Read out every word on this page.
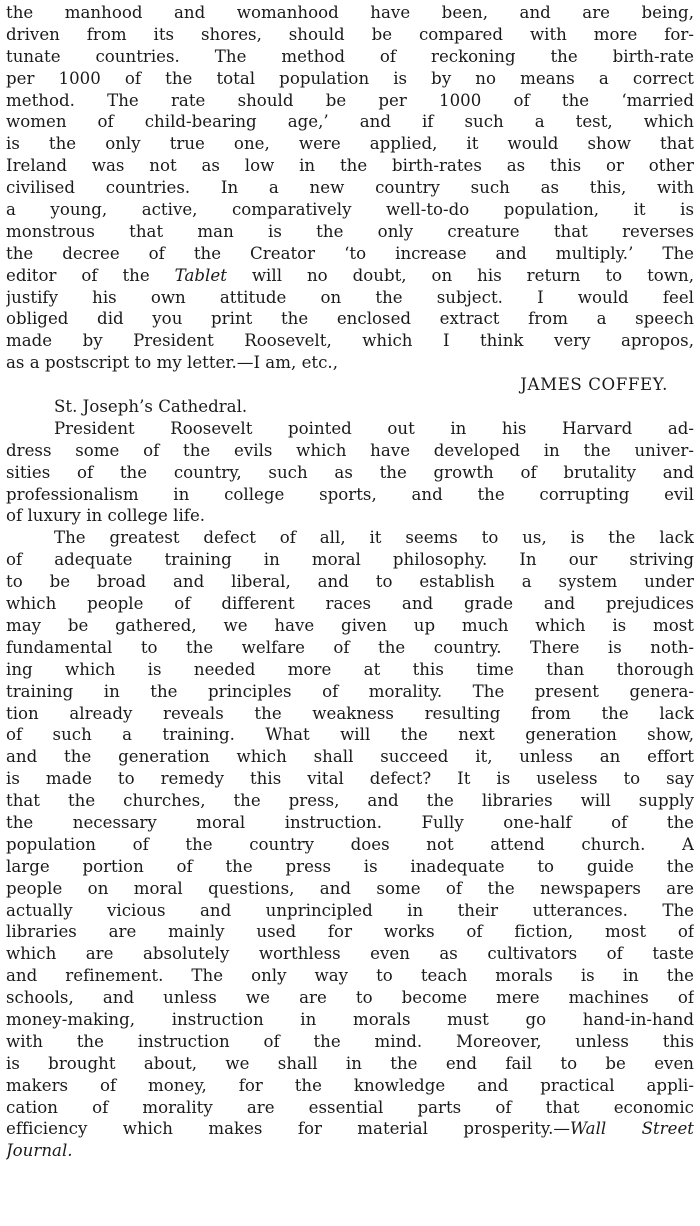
the manhood and womanhood have been, and are being,
driven from its shores, should be compared with more for-
tunate countries. The method of reckoning the birth-rate
per 1000 of the total population is by no means a correct
method. The rate should be per 1000 of the ‘married
women of child-bearing age,’ and if such a test, which
is the only true one, were applied, it would show that
Ireland was not as low in the birth-rates as this or other
civilised countries. In a new country such as this, with
a young, active, comparatively well-to-do population, it is
monstrous that man is the only creature that reverses
the decree of the Creator ‘to increase and multiply.’ The
editor of the Tablet will no doubt, on his return to town,
justify his own attitude on the subject. I would feel
obliged did you print the enclosed extract from a speech
made by President Roosevelt, which I think very apropos,
as a postscript to my letter.—I am, etc.,
JAMES COFFEY.
St. Joseph’s Cathedral.
President Roosevelt pointed out in his Harvard ad-
dress some of the evils which have developed in the univer-
sities of the country, such as the growth of brutality and
professionalism in college sports, and the corrupting evil
of luxury in college life.
The greatest defect of all, it seems to us, is the lack
of adequate training in moral philosophy. In our striving
to be broad and liberal, and to establish a system under
which people of different races and grade and prejudices
may be gathered, we have given up much which is most
fundamental to the welfare of the country. There is noth-
ing which is needed more at this time than thorough
training in the principles of morality. The present genera-
tion already reveals the weakness resulting from the lack
of such a training. What will the next generation show,
and the generation which shall succeed it, unless an effort
is made to remedy this vital defect? It is useless to say
that the churches, the press, and the libraries will supply
the necessary moral instruction. Fully one-half of the
population of the country does not attend church. A
large portion of the press is inadequate to guide the
people on moral questions, and some of the newspapers are
actually vicious and unprincipled in their utterances. The
libraries are mainly used for works of fiction, most of
which are absolutely worthless even as cultivators of taste
and refinement. The only way to teach morals is in the
schools, and unless we are to become mere machines of
money-making, instruction in morals must go hand-in-hand
with the instruction of the mind. Moreover, unless this
is brought about, we shall in the end fail to be even
makers of money, for the knowledge and practical appli-
cation of morality are essential parts of that economic
efficiency which makes for material prosperity.—Wall Street
Journal.
